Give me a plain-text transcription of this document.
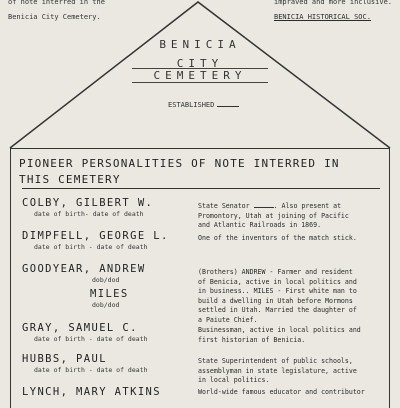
of note interred in the
Benicia City Cemetery.
impraved and more inclusive.
BENICIA HISTORICAL SOC.
BENICIA
CITY
CEMETERY
ESTABLISHED
PIONEER PERSONALITIES OF NOTE INTERRED IN
THIS CEMETERY
COLBY, GILBERT W.
date of birth- date of death
State Senator	. Also present at
Promontory, Utah at joining of Pacific
and Atlantic Railroads in 1869.
DIMPFELL, GEORGE L.
date of birth - date of death
One of the inventors of the match stick.
GOODYEAR, ANDREW
dob/dod
MILES
dob/dod
(Brothers) ANDREW - Farmer and resident
of Benicia, active in local politics and
in business.. MILES - First white man to
build a dwelling in Utah before Mormons
settled in Utah. Married the daughter of
a Paiute Chief.
GRAY, SAMUEL C.
date of birth - date of death
Businessman, active in local politics and
first historian of Benicia.
HUBBS, PAUL
date of birth - date of death
State Superintendent of public schools,
assemblyman in state legislature, active
in local politics.
LYNCH, MARY ATKINS	World-wide famous educator and contributor
